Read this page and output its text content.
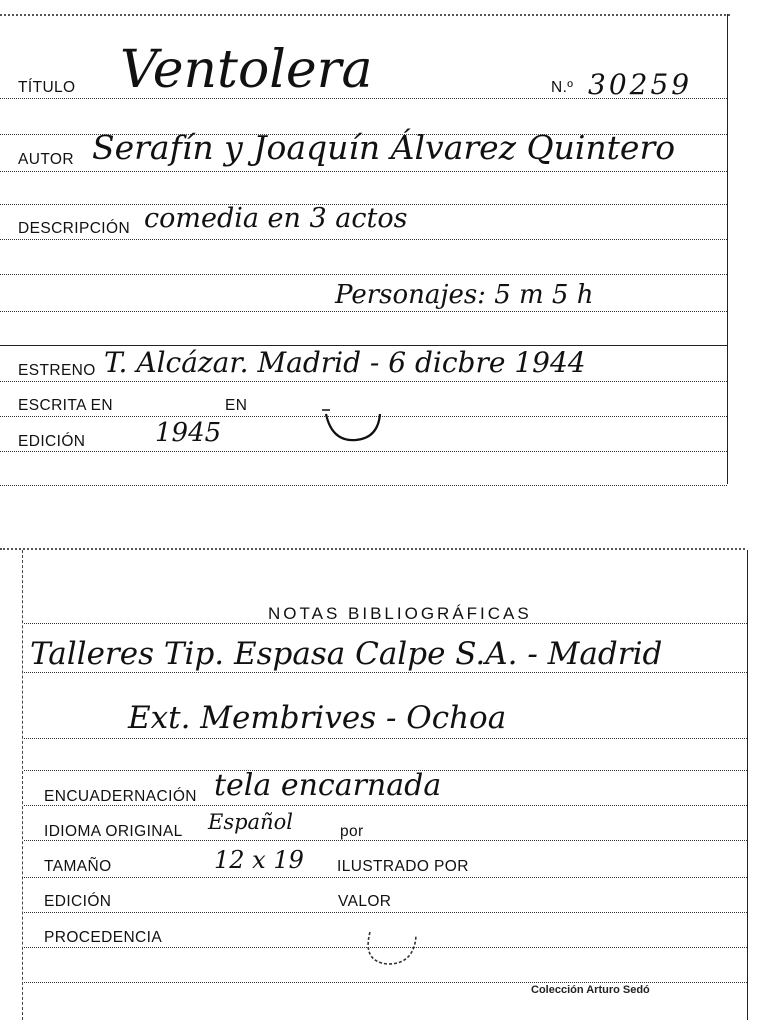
TÍTULO Ventolera	N.º 30259
AUTOR Serafín y Joaquín Álvarez Quintero
DESCRIPCIÓN comedia en 3 actos
Personajes: 5 m 5 h
ESTRENO T. Alcázar. Madrid - 6 dicbre 1944
ESCRITA EN	EN
EDICIÓN	1945
NOTAS BIBLIOGRÁFICAS
Talleres Tip. Espasa Calpe S.A. - Madrid
Ext. Membrives - Ochoa
ENCUADERNACIÓN tela encarnada
IDIOMA ORIGINAL Español	por
TAMAÑO	12 x 19 ILUSTRADO POR
EDICIÓN	VALOR
PROCEDENCIA
Colección Arturo Sedó
